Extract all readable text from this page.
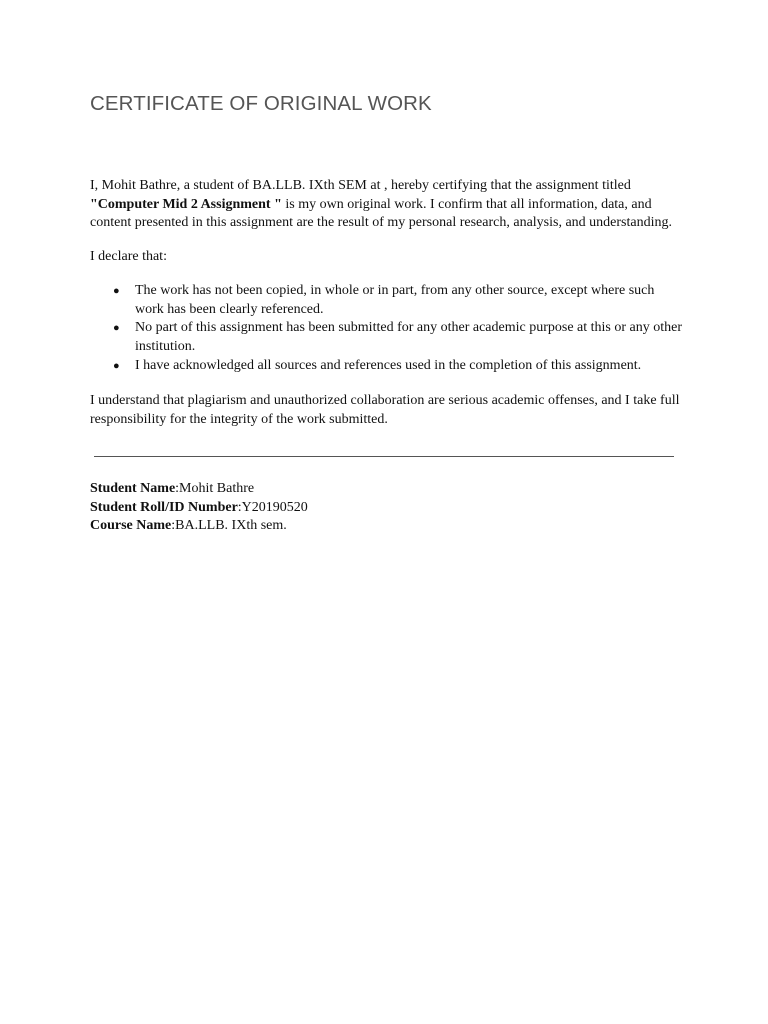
CERTIFICATE OF ORIGINAL WORK
I, Mohit Bathre, a student of BA.LLB. IXth SEM at , hereby certifying that the assignment titled
"Computer Mid 2 Assignment " is my own original work. I confirm that all information, data, and
content presented in this assignment are the result of my personal research, analysis, and understanding.
I declare that:
● The work has not been copied, in whole or in part, from any other source, except where such
work has been clearly referenced.
● No part of this assignment has been submitted for any other academic purpose at this or any other
institution.
● I have acknowledged all sources and references used in the completion of this assignment.
I understand that plagiarism and unauthorized collaboration are serious academic offenses, and I take full
responsibility for the integrity of the work submitted.
Student Name:Mohit Bathre
Student Roll/ID Number:Y20190520
Course Name:BA.LLB. IXth sem.
